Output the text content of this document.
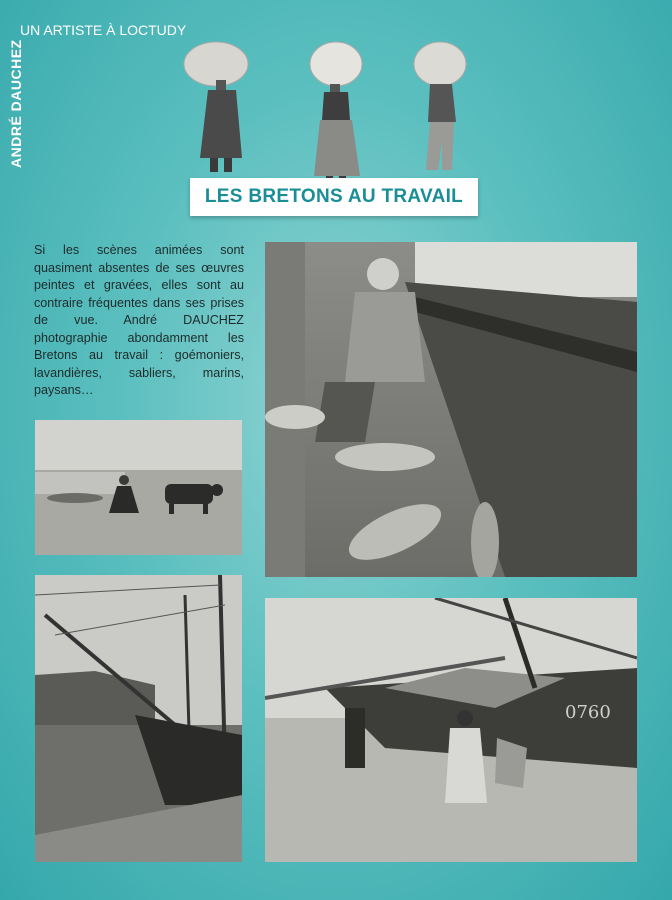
ANDRÉ DAUCHEZ
UN ARTISTE À LOCTUDY
LES BRETONS AU TRAVAIL
Si les scènes animées sont quasiment absentes de ses œuvres peintes et gravées, elles sont au contraire fréquentes dans ses prises de vue. André DAUCHEZ photographie abondamment les Bretons au travail : goémoniers, lavandières, sabliers, marins, paysans…
0760
